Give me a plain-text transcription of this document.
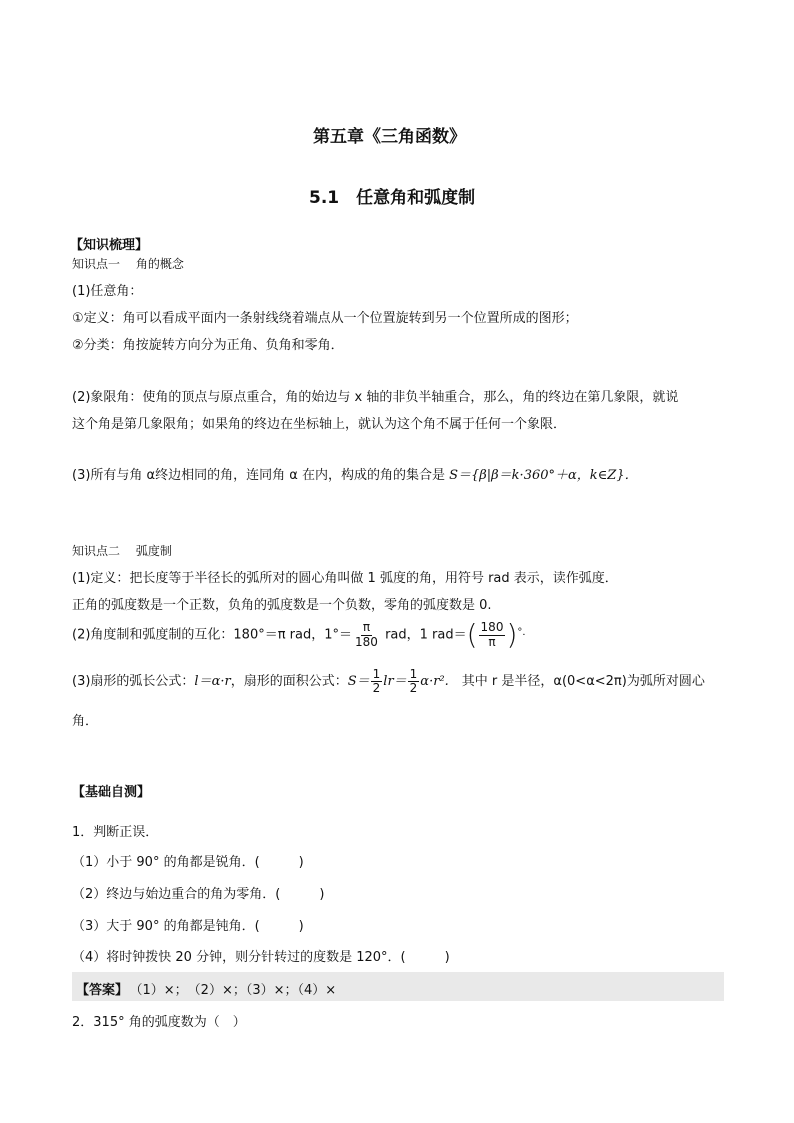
第五章《三角函数》
5.1　任意角和弧度制
【知识梳理】
知识点一　 角的概念
(1)任意角：
①定义：角可以看成平面内一条射线绕着端点从一个位置旋转到另一个位置所成的图形；
②分类：角按旋转方向分为正角、负角和零角．
(2)象限角：使角的顶点与原点重合，角的始边与 x 轴的非负半轴重合，那么，角的终边在第几象限，就说
这个角是第几象限角；如果角的终边在坐标轴上，就认为这个角不属于任何一个象限．
(3)所有与角 α终边相同的角，连同角 α 在内，构成的角的集合是 S＝{β|β＝k·360°＋α，k∈Z}．
知识点二　 弧度制
(1)定义：把长度等于半径长的弧所对的圆心角叫做 1 弧度的角，用符号 rad 表示，读作弧度．
正角的弧度数是一个正数，负角的弧度数是一个负数，零角的弧度数是 0.
(2)角度制和弧度制的互化：180°＝π rad，$1^\circ= \frac{\pi}{180}$ rad，1 $rad=( \frac{180}{\pi} )^{^\circ.}$
(3)扇形的弧长公式：l＝α·r，扇形的面积公式：$S= \frac{1}{2} lr= \frac{1}{2} \alpha\cdot r^2$.　其中 r 是半径，α(0<α<2π)为弧所对圆心
角．
【基础自测】
1．判断正误．
（1）小于 90° 的角都是锐角．(　　　)
（2）终边与始边重合的角为零角．(　　　)
（3）大于 90° 的角都是钝角．(　　　)
（4）将时钟拨快 20 分钟，则分针转过的度数是 120°．(　　　)
【答案】 （1）×；　（2）×；（3）×；（4）×
2．315° 角的弧度数为（　）
